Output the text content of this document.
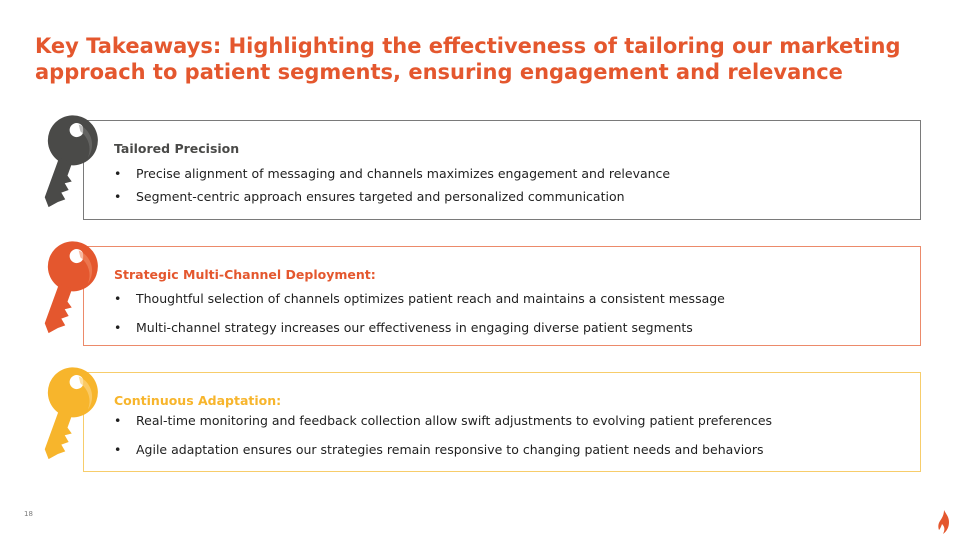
Key Takeaways: Highlighting the effectiveness of tailoring our marketing approach to patient segments, ensuring engagement and relevance
Tailored Precision
• Precise alignment of messaging and channels maximizes engagement and relevance
• Segment-centric approach ensures targeted and personalized communication
Strategic Multi-Channel Deployment:
• Thoughtful selection of channels optimizes patient reach and maintains a consistent message
• Multi-channel strategy increases our effectiveness in engaging diverse patient segments
Continuous Adaptation:
• Real-time monitoring and feedback collection allow swift adjustments to evolving patient preferences
• Agile adaptation ensures our strategies remain responsive to changing patient needs and behaviors
18
